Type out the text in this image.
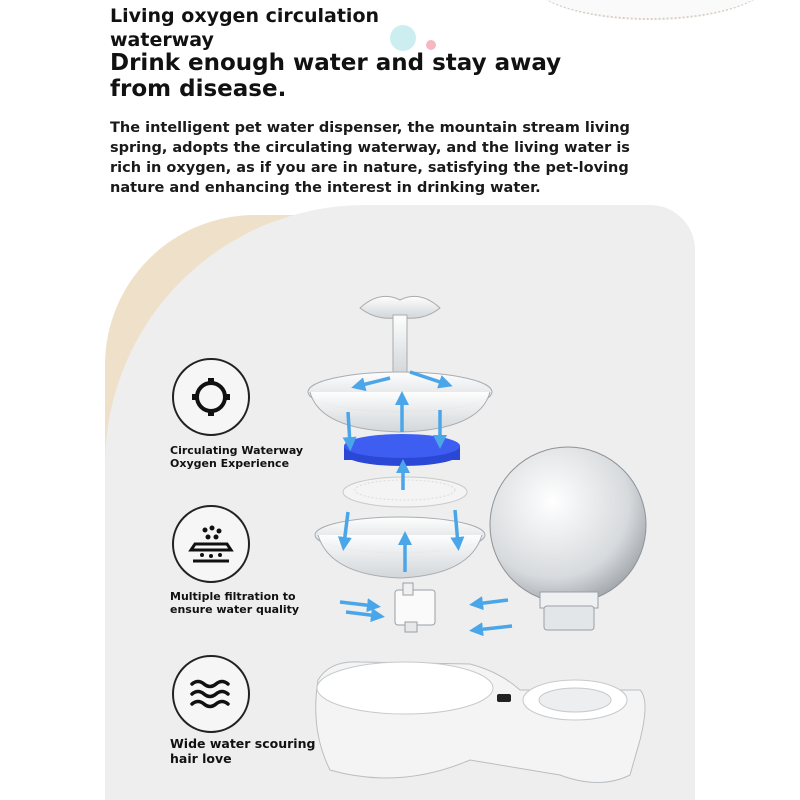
Living oxygen circulation waterway
Drink enough water and stay away from disease.
The intelligent pet water dispenser, the mountain stream living spring, adopts the circulating waterway, and the living water is rich in oxygen, as if you are in nature, satisfying the pet-loving nature and enhancing the interest in drinking water.
Circulating Waterway Oxygen Experience
Multiple filtration to ensure water quality
Wide water scouring hair love
